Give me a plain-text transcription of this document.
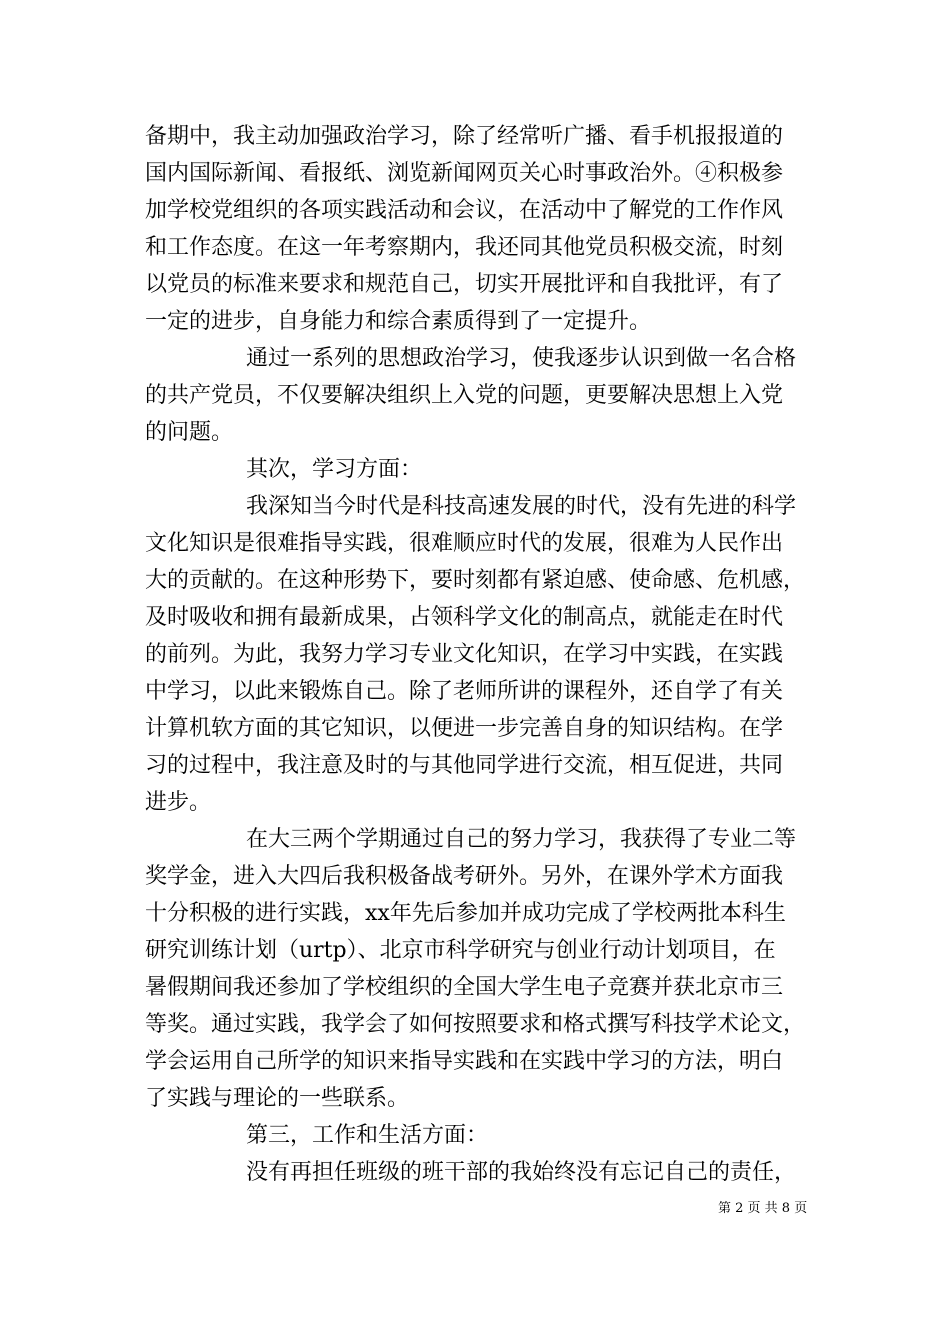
备期中，我主动加强政治学习，除了经常听广播、看手机报报道的
国内国际新闻、看报纸、浏览新闻网页关心时事政治外。④积极参
加学校党组织的各项实践活动和会议，在活动中了解党的工作作风
和工作态度。在这一年考察期内，我还同其他党员积极交流，时刻
以党员的标准来要求和规范自己，切实开展批评和自我批评，有了
一定的进步，自身能力和综合素质得到了一定提升。
通过一系列的思想政治学习，使我逐步认识到做一名合格
的共产党员，不仅要解决组织上入党的问题，更要解决思想上入党
的问题。
其次，学习方面：
我深知当今时代是科技高速发展的时代，没有先进的科学
文化知识是很难指导实践，很难顺应时代的发展，很难为人民作出
大的贡献的。在这种形势下，要时刻都有紧迫感、使命感、危机感，
及时吸收和拥有最新成果，占领科学文化的制高点，就能走在时代
的前列。为此，我努力学习专业文化知识，在学习中实践，在实践
中学习，以此来锻炼自己。除了老师所讲的课程外，还自学了有关
计算机软方面的其它知识，以便进一步完善自身的知识结构。在学
习的过程中，我注意及时的与其他同学进行交流，相互促进，共同
进步。
在大三两个学期通过自己的努力学习，我获得了专业二等
奖学金，进入大四后我积极备战考研外。另外，在课外学术方面我
十分积极的进行实践，xx年先后参加并成功完成了学校两批本科生
研究训练计划（urtp）、北京市科学研究与创业行动计划项目，在
暑假期间我还参加了学校组织的全国大学生电子竞赛并获北京市三
等奖。通过实践，我学会了如何按照要求和格式撰写科技学术论文，
学会运用自己所学的知识来指导实践和在实践中学习的方法，明白
了实践与理论的一些联系。
第三，工作和生活方面：
没有再担任班级的班干部的我始终没有忘记自己的责任，
第 2 页 共 8 页
